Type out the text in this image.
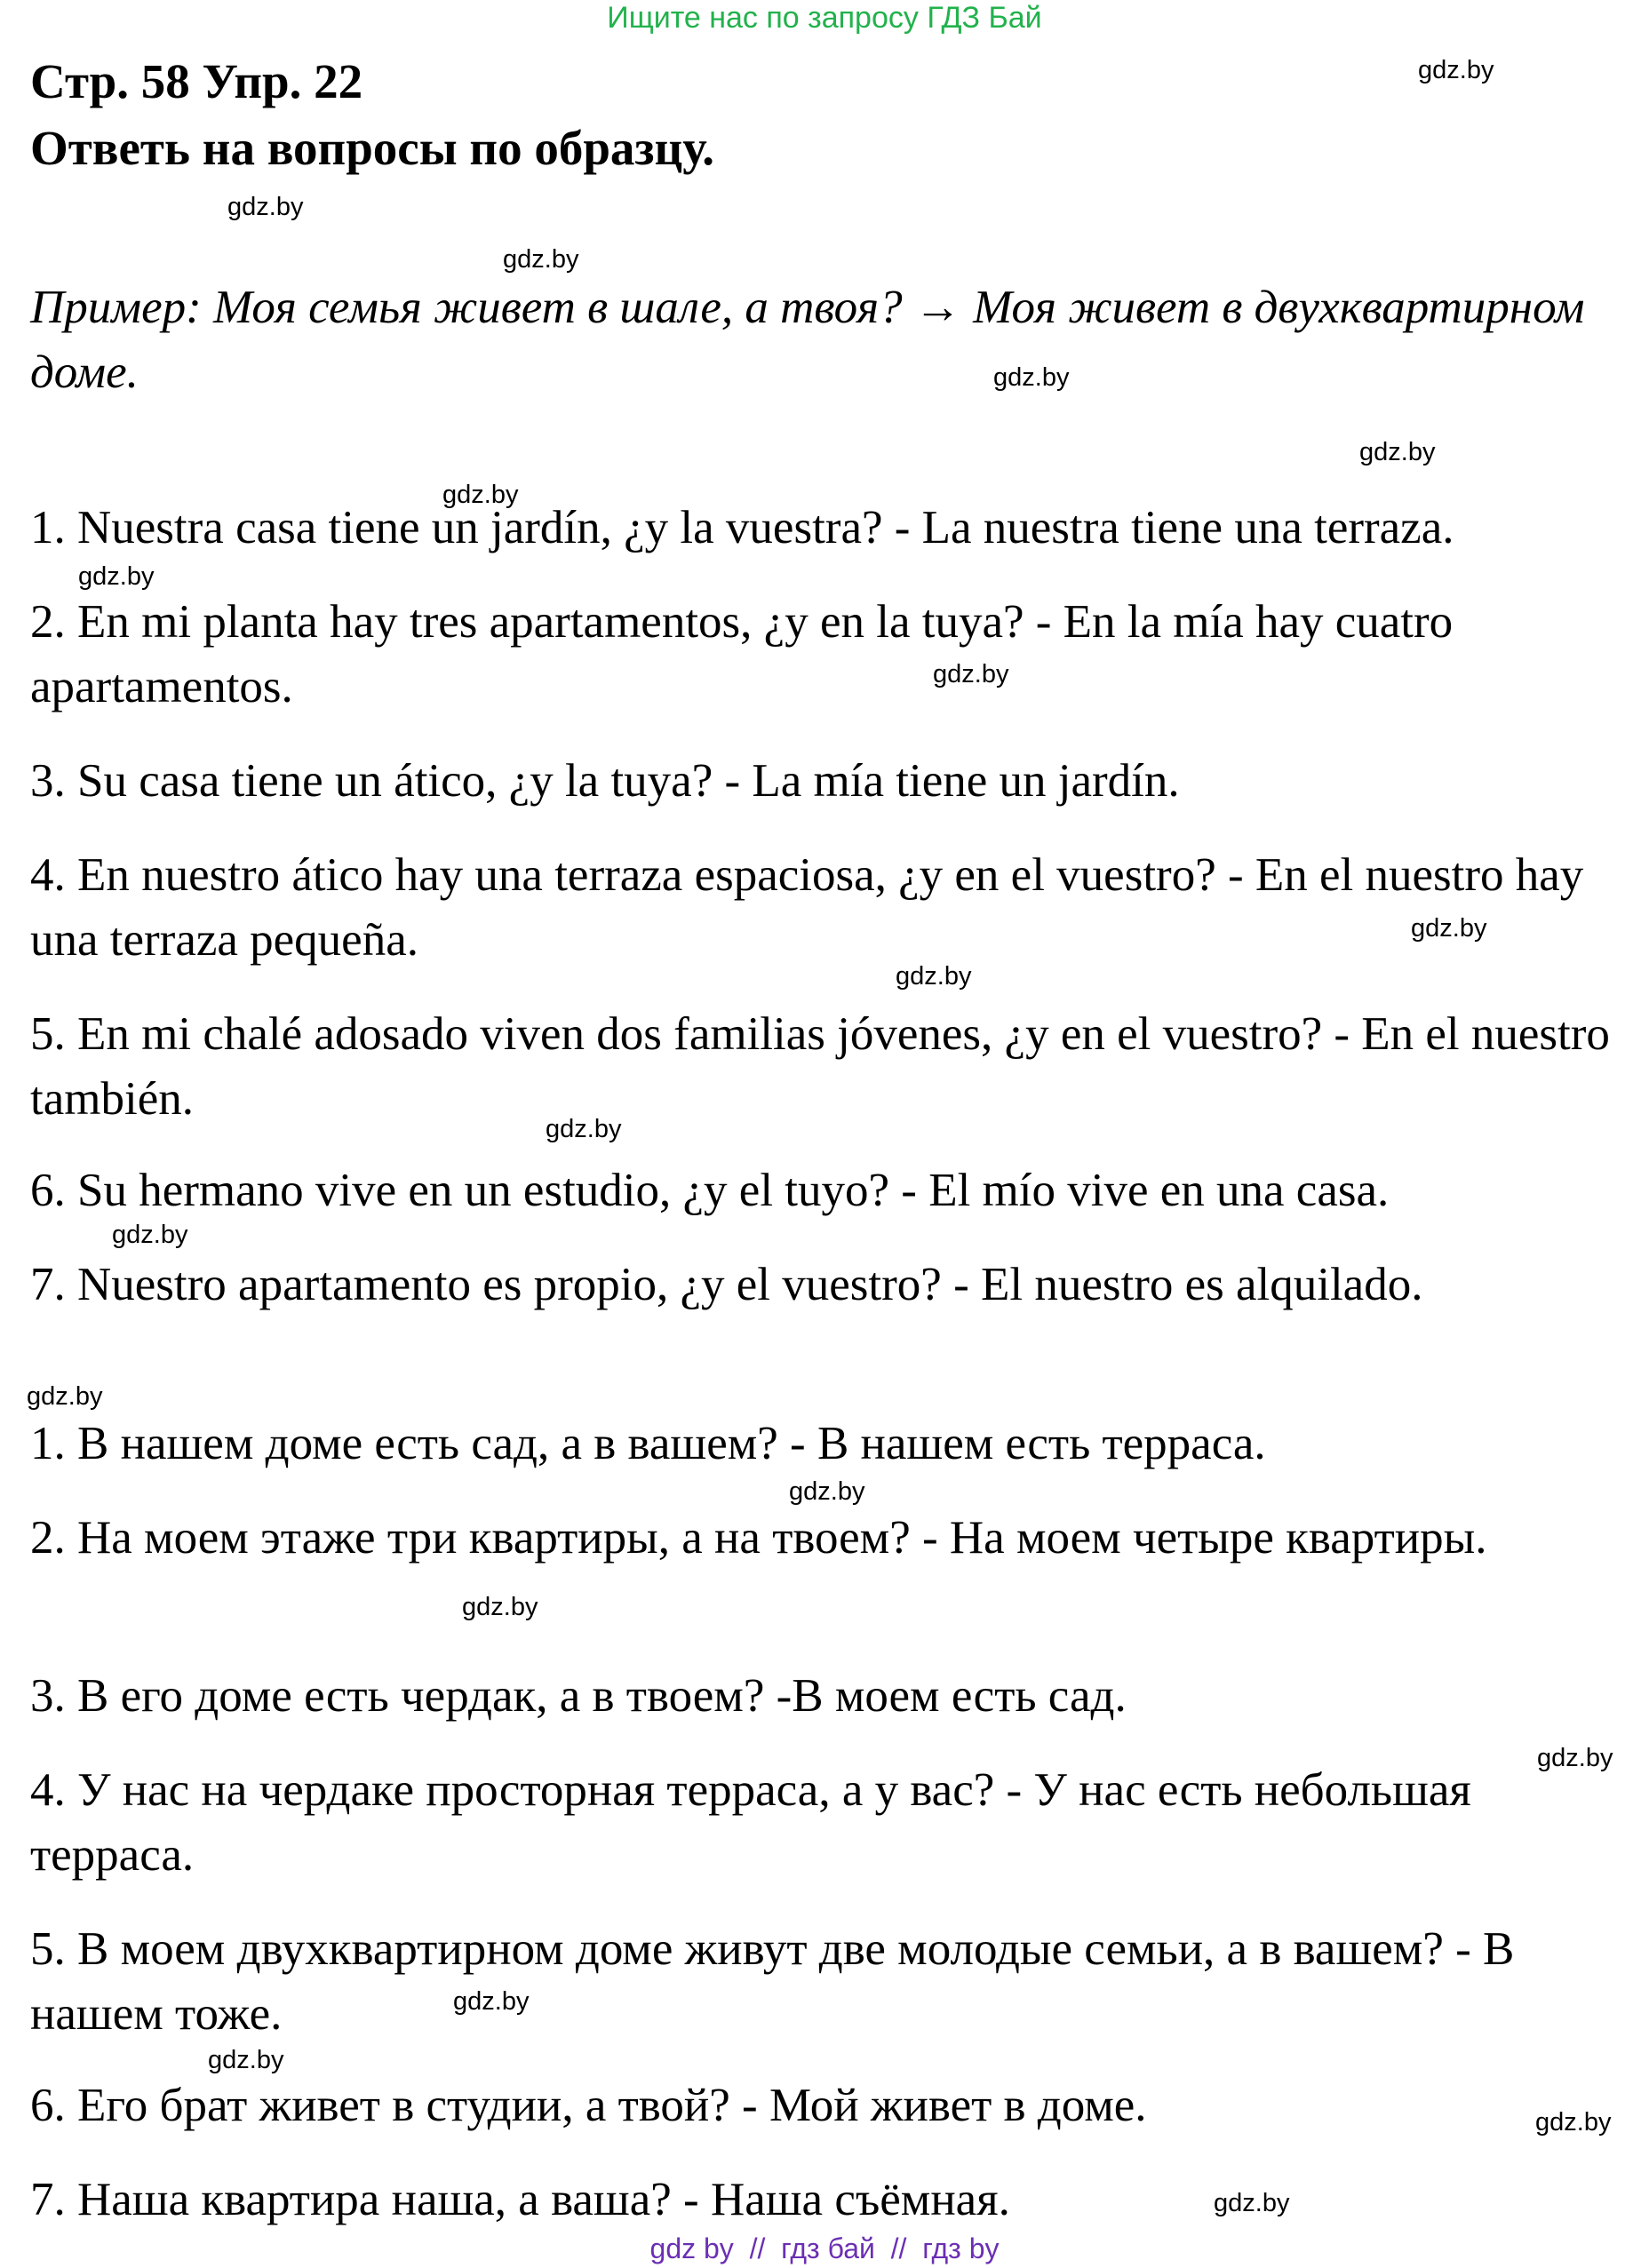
Ищите нас по запросу ГДЗ Бай
Стр. 58 Упр. 22
Ответь на вопросы по образцу.
Пример: Моя семья живет в шале, а твоя? → Моя живет в двухквартирном доме.
1. Nuestra casa tiene un jardín, ¿y la vuestra? - La nuestra tiene una terraza.
2. En mi planta hay tres apartamentos, ¿y en la tuya? - En la mía hay cuatro apartamentos.
3. Su casa tiene un ático, ¿y la tuya? - La mía tiene un jardín.
4. En nuestro ático hay una terraza espaciosa, ¿y en el vuestro? - En el nuestro hay una terraza pequeña.
5. En mi chalé adosado viven dos familias jóvenes, ¿y en el vuestro? - En el nuestro también.
6. Su hermano vive en un estudio, ¿y el tuyo? - El mío vive en una casa.
7. Nuestro apartamento es propio, ¿y el vuestro? - El nuestro es alquilado.
1. В нашем доме есть сад, а в вашем? - В нашем есть терраса.
2. На моем этаже три квартиры, а на твоем? - На моем четыре квартиры.
3. В его доме есть чердак, а в твоем? -В моем есть сад.
4. У нас на чердаке просторная терраса, а у вас? - У нас есть небольшая терраса.
5. В моем двухквартирном доме живут две молодые семьи, а в вашем? - В нашем тоже.
6. Его брат живет в студии, а твой? - Мой живет в доме.
7. Наша квартира наша, а ваша? - Наша съёмная.
gdz.by
gdz.by
gdz.by
gdz.by
gdz.by
gdz.by
gdz.by
gdz.by
gdz.by
gdz.by
gdz.by
gdz.by
gdz.by
gdz.by
gdz.by
gdz.by
gdz.by
gdz.by
gdz.by
gdz.by
gdz by  //  гдз бай  //  гдз by
